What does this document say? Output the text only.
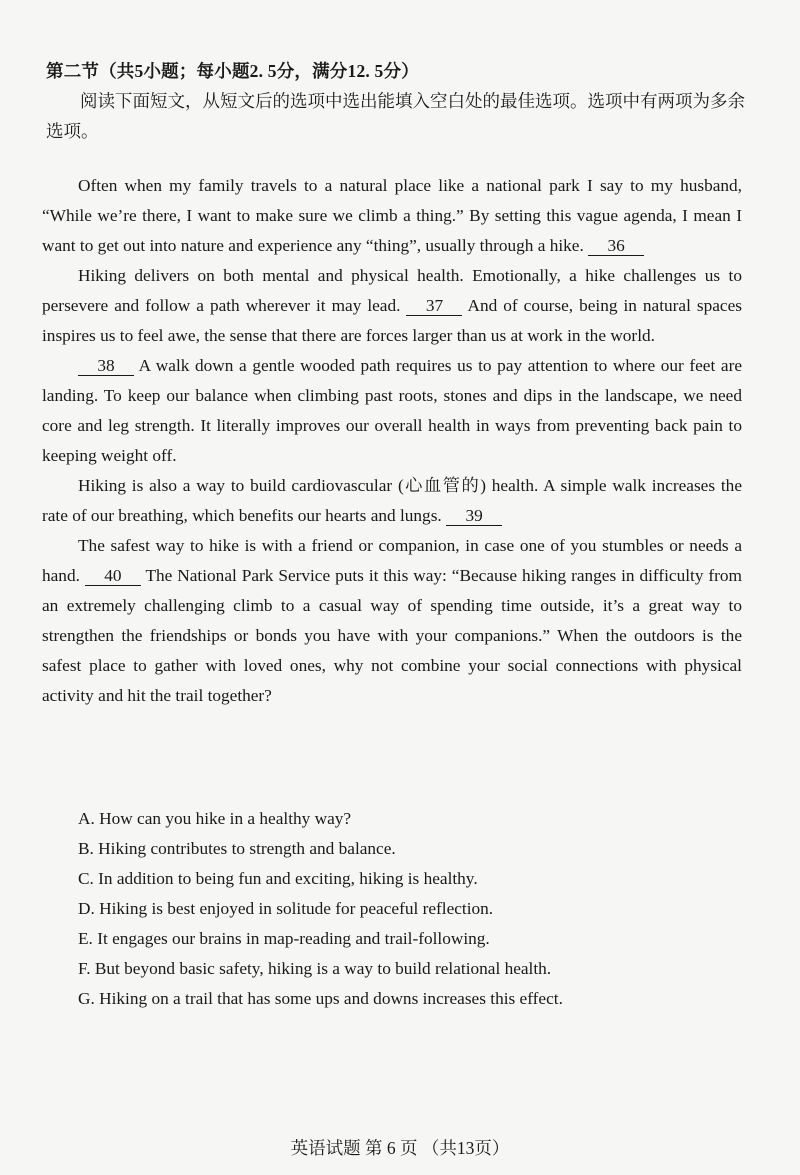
第二节（共5小题；每小题2. 5分，满分12. 5分）
阅读下面短文，从短文后的选项中选出能填入空白处的最佳选项。选项中有两项为多余选项。

Often when my family travels to a natural place like a national park I say to my husband, “While we’re there, I want to make sure we climb a thing.” By setting this vague agenda, I mean I want to get out into nature and experience any “thing”, usually through a hike. 36

Hiking delivers on both mental and physical health. Emotionally, a hike challenges us to persevere and follow a path wherever it may lead. 37 And of course, being in natural spaces inspires us to feel awe, the sense that there are forces larger than us at work in the world.

38 A walk down a gentle wooded path requires us to pay attention to where our feet are landing. To keep our balance when climbing past roots, stones and dips in the landscape, we need core and leg strength. It literally improves our overall health in ways from preventing back pain to keeping weight off.

Hiking is also a way to build cardiovascular (心血管的) health. A simple walk increases the rate of our breathing, which benefits our hearts and lungs. 39

The safest way to hike is with a friend or companion, in case one of you stumbles or needs a hand. 40 The National Park Service puts it this way: “Because hiking ranges in difficulty from an extremely challenging climb to a casual way of spending time outside, it’s a great way to strengthen the friendships or bonds you have with your companions.” When the outdoors is the safest place to gather with loved ones, why not combine your social connections with physical activity and hit the trail together?

A. How can you hike in a healthy way?
B. Hiking contributes to strength and balance.
C. In addition to being fun and exciting, hiking is healthy.
D. Hiking is best enjoyed in solitude for peaceful reflection.
E. It engages our brains in map-reading and trail-following.
F. But beyond basic safety, hiking is a way to build relational health.
G. Hiking on a trail that has some ups and downs increases this effect.
英语试题 第 6 页 （共13页）
